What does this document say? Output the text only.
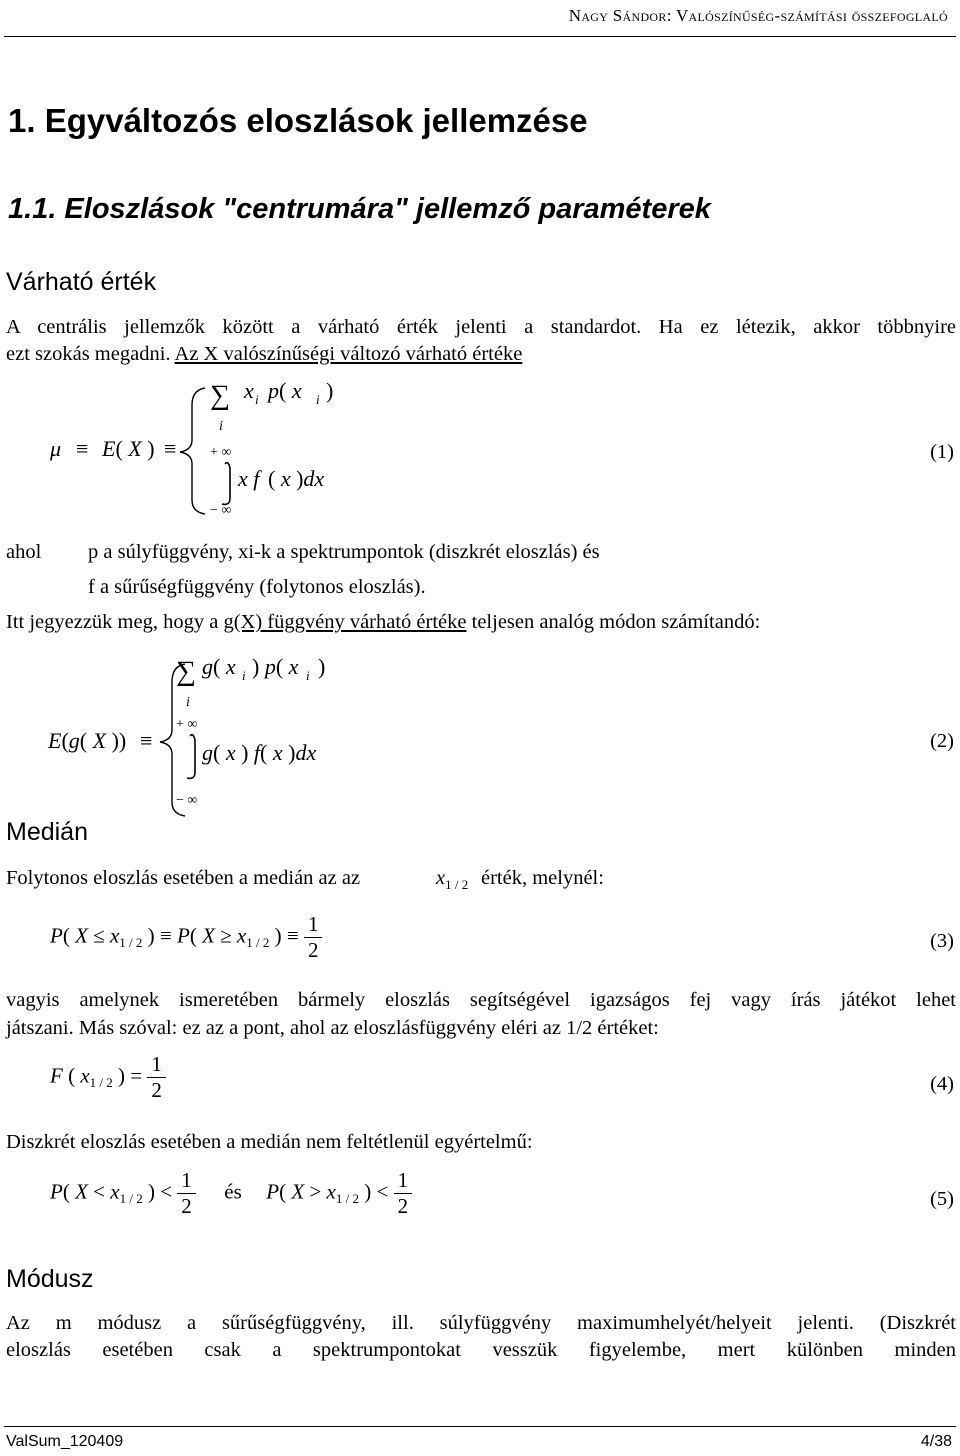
Nagy Sándor: Valószínűség-számítási összefoglaló
1. Egyváltozós eloszlások jellemzése
1.1. Eloszlások "centrumára" jellemző paraméterek
Várható érték
A centrális jellemzők között a várható érték jelenti a standardot. Ha ez létezik, akkor többnyire
ezt szokás megadni. Az X valószínűségi változó várható értéke
μ ≡ E( X ) ≡
∑
i
x i p( x i )
+ ∞
x f ( x )dx
− ∞
(1)
ahol p a súlyfüggvény, xi-k a spektrumpontok (diszkrét eloszlás) és
f a sűrűségfüggvény (folytonos eloszlás).
Itt jegyezzük meg, hogy a g(X) függvény várható értéke teljesen analóg módon számítandó:
E(g( X )) ≡
∑
i
g( x i ) p( x i )
+ ∞
g( x ) f( x )dx
− ∞
(2)
Medián
Folytonos eloszlás esetében a medián az az	$x_{1 / 2}$ érték, melynél:
P( $X \le x_{1 / 2}$ ) ≡ P( $X \ge x_{1 / 2}$ ) ≡ $\frac{1}{2}$	(3)
vagyis amelynek ismeretében bármely eloszlás segítségével igazságos fej vagy írás játékot lehet
játszani. Más szóval: ez az a pont, ahol az eloszlásfüggvény eléri az 1/2 értéket:
F ( $x_{1 / 2}$ ) = $\frac{1}{2}$	(4)
Diszkrét eloszlás esetében a medián nem feltétlenül egyértelmű:
P( $X < x_{1 / 2}$ ) < $\frac{1}{2}$ és P( $X > x_{1 / 2}$ ) < $\frac{1}{2}$	(5)
Módusz
Az m módusz a sűrűségfüggvény, ill. súlyfüggvény maximumhelyét/helyeit jelenti. (Diszkrét
eloszlás esetében csak a spektrumpontokat vesszük figyelembe, mert különben minden
ValSum_120409	4/38
